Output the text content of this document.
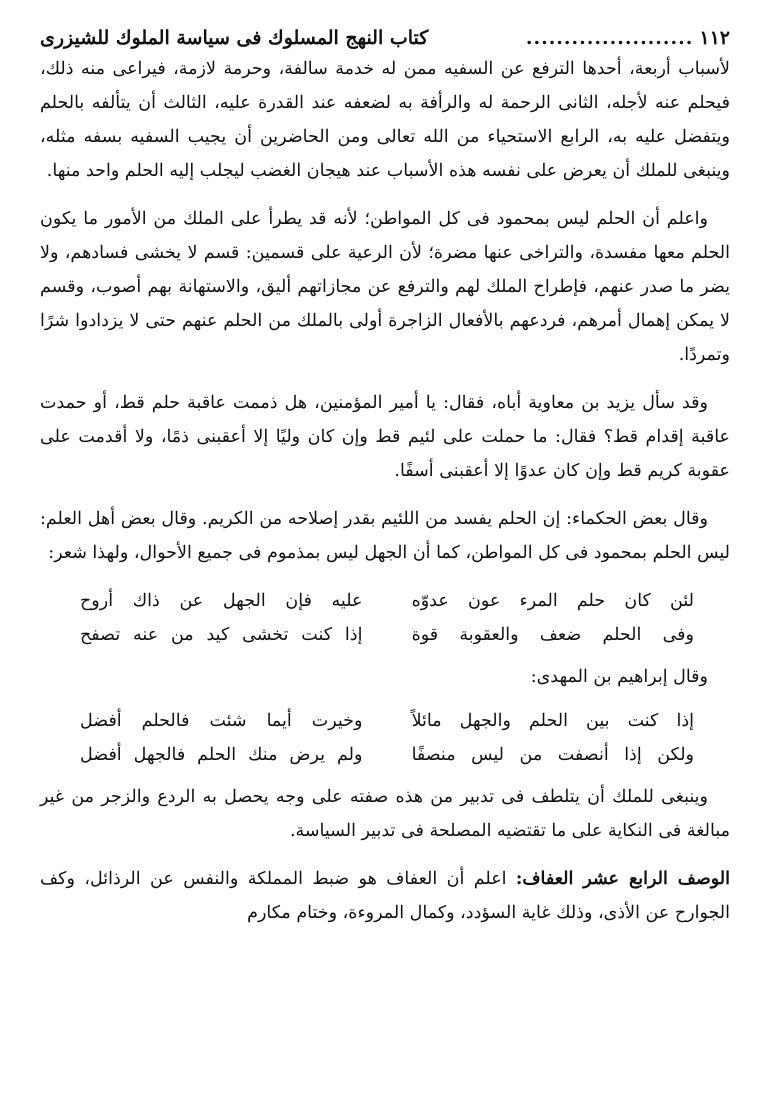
١١٢
......................
كتاب النهج المسلوك فى سياسة الملوك للشيزرى

لأسباب أربعة، أحدها الترفع عن السفيه ممن له خدمة سالفة، وحرمة لازمة، فيراعى منه ذلك، فيحلم عنه لأجله، الثانى الرحمة له والرأفة به لضعفه عند القدرة عليه، الثالث أن يتألفه بالحلم ويتفضل عليه به، الرابع الاستحياء من الله تعالى ومن الحاضرين أن يجيب السفيه بسفه مثله، وينبغى للملك أن يعرض على نفسه هذه الأسباب عند هيجان الغضب ليجلب إليه الحلم واحد منها.

واعلم أن الحلم ليس بمحمود فى كل المواطن؛ لأنه قد يطرأ على الملك من الأمور ما يكون الحلم معها مفسدة، والتراخى عنها مضرة؛ لأن الرعية على قسمين: قسم لا يخشى فسادهم، ولا يضر ما صدر عنهم، فإطراح الملك لهم والترفع عن مجازاتهم أليق، والاستهانة بهم أصوب، وقسم لا يمكن إهمال أمرهم، فردعهم بالأفعال الزاجرة أولى بالملك من الحلم عنهم حتى لا يزدادوا شرًا وتمردًا.

وقد سأل يزيد بن معاوية أباه، فقال: يا أمير المؤمنين، هل ذممت عاقبة حلم قط، أو حمدت عاقبة إقدام قط؟ فقال: ما حملت على لئيم قط وإن كان وليًا إلا أعقبنى ذمًا، ولا أقدمت على عقوبة كريم قط وإن كان عدوًا إلا أعقبنى أسفًا.

وقال بعض الحكماء: إن الحلم يفسد من اللئيم بقدر إصلاحه من الكريم. وقال بعض أهل العلم: ليس الحلم بمحمود فى كل المواطن، كما أن الجهل ليس بمذموم فى جميع الأحوال، ولهذا شعر:

لئن كان حلم المرء عون عدوّه
عليه فإن الجهل عن ذاك أروح
وفى الحلم ضعف والعقوبة قوة
إذا كنت تخشى كيد من عنه تصفح
وقال إبراهيم بن المهدى:
إذا كنت بين الحلم والجهل مائلاً
وخيرت أيما شئت فالحلم أفضل
ولكن إذا أنصفت من ليس منصفًا
ولم يرض منك الحلم فالجهل أفضل

وينبغى للملك أن يتلطف فى تدبير من هذه صفته على وجه يحصل به الردع والزجر من غير مبالغة فى النكاية على ما تقتضيه المصلحة فى تدبير السياسة.

الوصف الرابع عشر العفاف: اعلم أن العفاف هو ضبط المملكة والنفس عن الرذائل، وكف الجوارح عن الأذى، وذلك غاية السؤدد، وكمال المروءة، وختام مكارم
